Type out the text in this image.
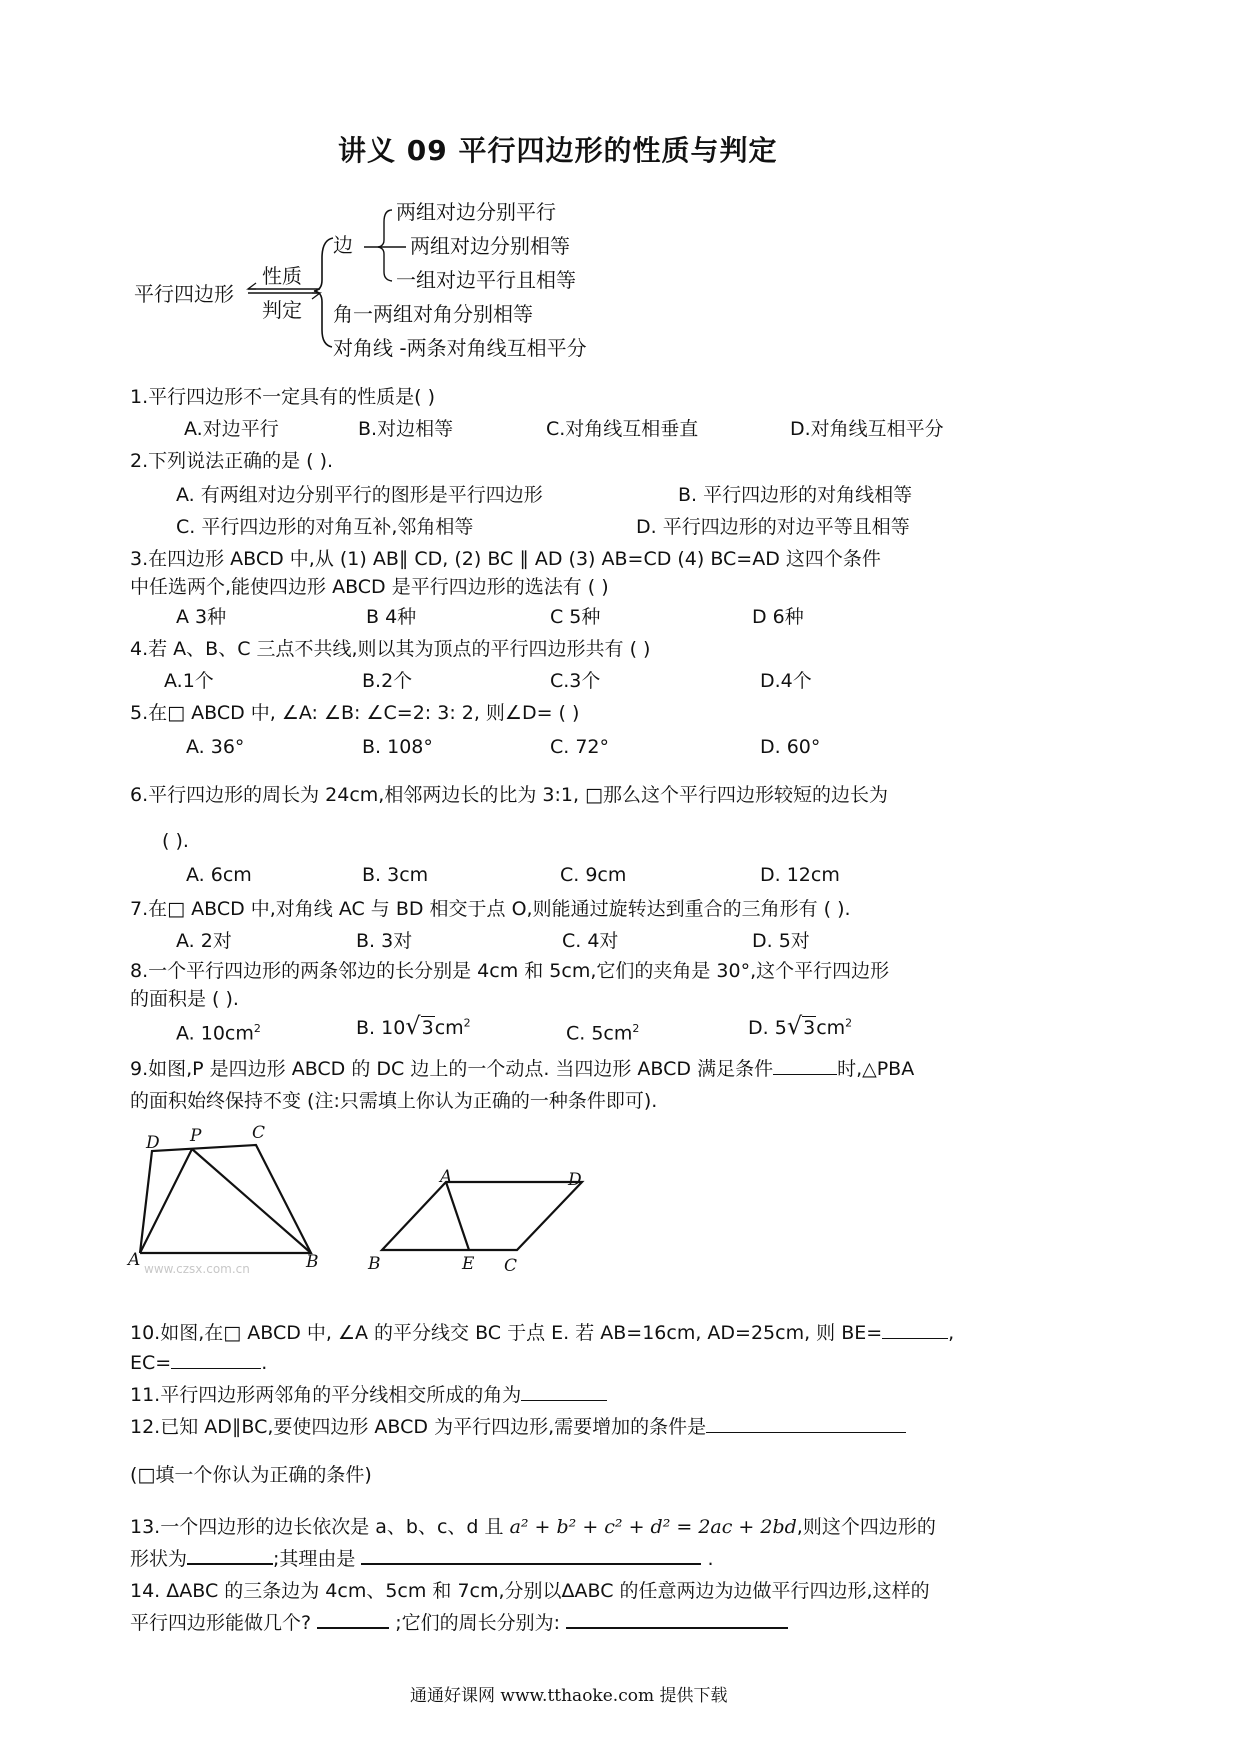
讲义 09 平行四边形的性质与判定
平行四边形
性质
判定
边
两组对边分别平行
两组对边分别相等
一组对边平行且相等
角一两组对角分别相等
对角线 -两条对角线互相平分
1.平行四边形不一定具有的性质是( )
A.对边平行	B.对边相等	C.对角线互相垂直	D.对角线互相平分
2.下列说法正确的是 ( ).
A. 有两组对边分别平行的图形是平行四边形	B. 平行四边形的对角线相等
C. 平行四边形的对角互补,邻角相等	D. 平行四边形的对边平等且相等
3.在四边形 ABCD 中,从 (1) AB∥ CD, (2) BC ∥ AD (3) AB=CD (4) BC=AD 这四个条件
中任选两个,能使四边形 ABCD 是平行四边形的选法有 ( )
A 3种	B 4种	C 5种	D 6种
4.若 A、B、C 三点不共线,则以其为顶点的平行四边形共有 ( )
A.1个	B.2个	C.3个	D.4个
5.在□ ABCD 中, ∠A: ∠B: ∠C=2: 3: 2, 则∠D= ( )
A. 36°	B. 108°	C. 72°	D. 60°
6.平行四边形的周长为 24cm,相邻两边长的比为 3:1, □那么这个平行四边形较短的边长为
( ).
A. 6cm	B. 3cm	C. 9cm	D. 12cm
7.在□ ABCD 中,对角线 AC 与 BD 相交于点 O,则能通过旋转达到重合的三角形有 ( ).
A. 2对	B. 3对	C. 4对	D. 5对
8.一个平行四边形的两条邻边的长分别是 4cm 和 5cm,它们的夹角是 30°,这个平行四边形
的面积是 ( ).
A. $10cm^2$	B. $10√3cm^2$	C. $5cm^2$	D. $5√3cm^2$
9.如图,P 是四边形 ABCD 的 DC 边上的一个动点. 当四边形 ABCD 满足条件	时,△PBA
的面积始终保持不变 (注:只需填上你认为正确的一种条件即可).
D P	C
A	B
www.czsx.com.cn
A	D
B	E C
10.如图,在□ ABCD 中, ∠A 的平分线交 BC 于点 E. 若 AB=16cm, AD=25cm, 则 BE=	,
EC=	.
11.平行四边形两邻角的平分线相交所成的角为
12.已知 AD∥BC,要使四边形 ABCD 为平行四边形,需要增加的条件是
(□填一个你认为正确的条件)
13.一个四边形的边长依次是 a、b、c、d 且 a² + b² + c² + d² = 2ac + 2bd,则这个四边形的
形状为	;其理由是	.
14. ΔABC 的三条边为 4cm、5cm 和 7cm,分别以ΔABC 的任意两边为边做平行四边形,这样的
平行四边形能做几个?	;它们的周长分别为:
通通好课网 www.tthaoke.com 提供下载
